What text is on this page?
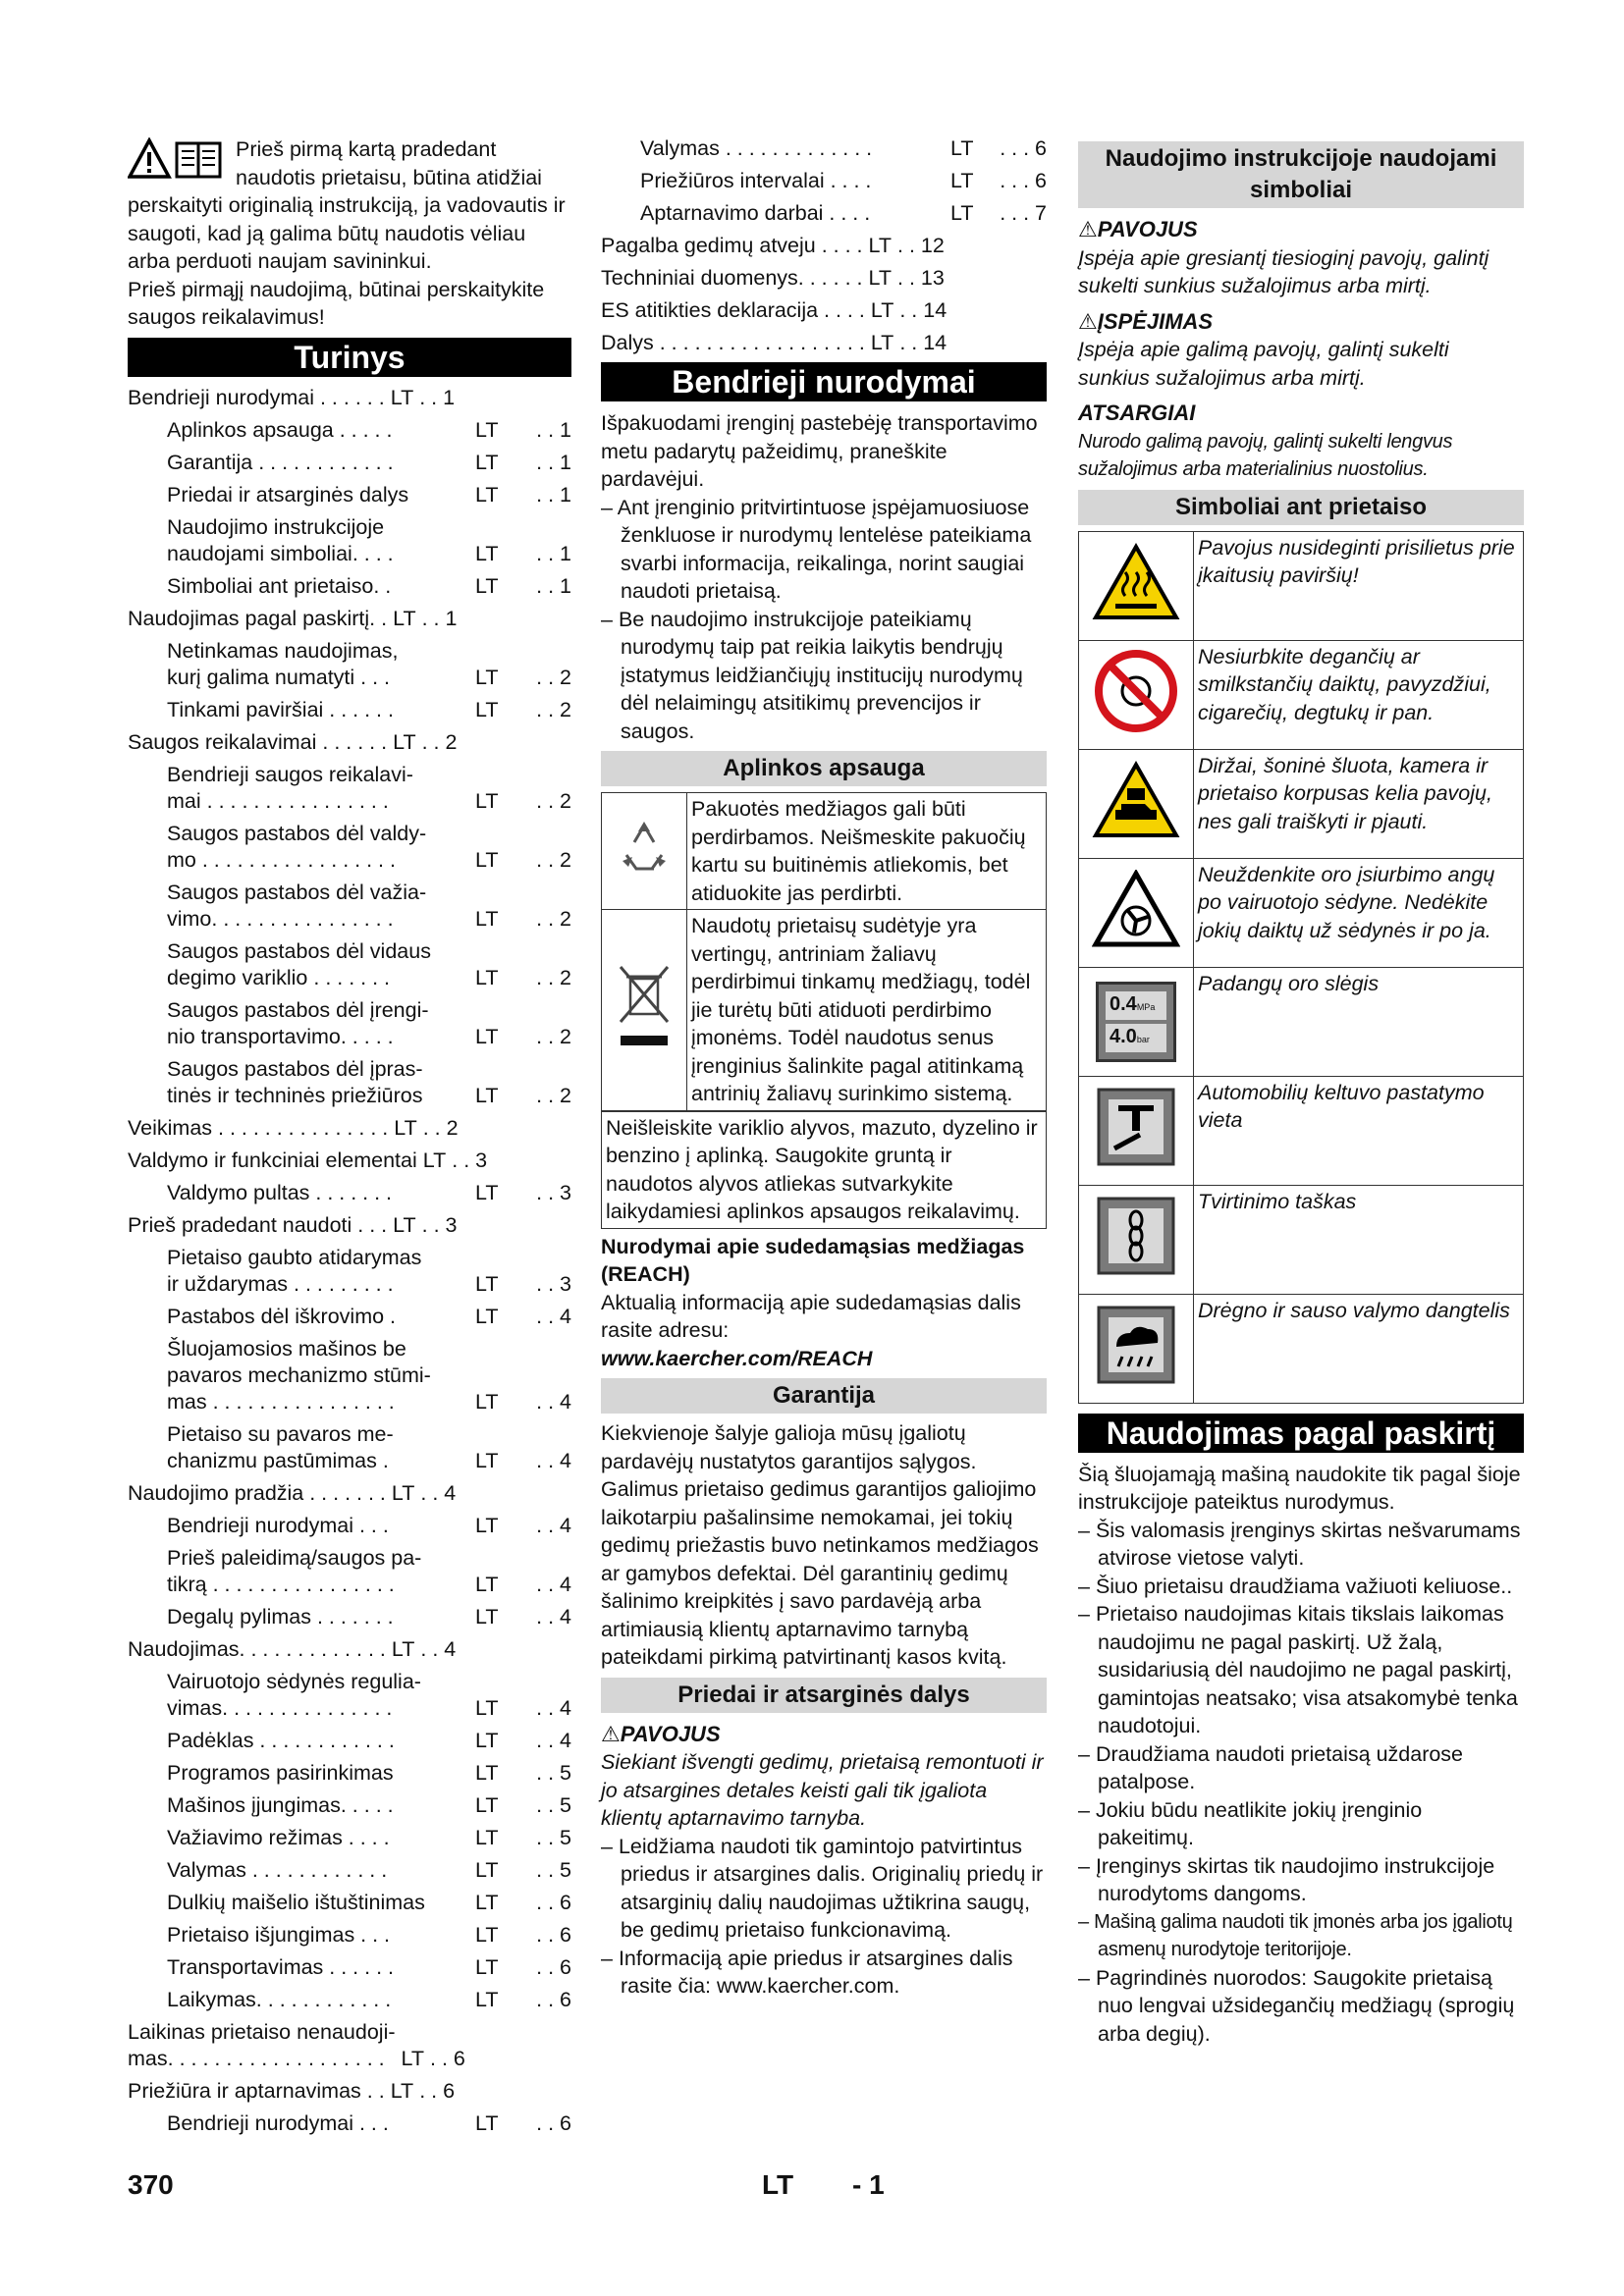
Prieš pirmą kartą pradedant naudotis prietaisu, būtina atidžiai perskaityti originalią instrukciją, ja vadovautis ir saugoti, kad ją galima būtų naudotis vėliau arba perduoti naujam savininkui.

Prieš pirmąjį naudojimą, būtinai perskaitykite saugos reikalavimus!

Turinys
Bendrieji nurodymai . . . . . . LT . . 1
Aplinkos apsauga . . . . .	LT	. . 1
Garantija . . . . . . . . . . . .	LT	. . 1
Priedai ir atsarginės dalys	LT	. . 1
Naudojimo instrukcijoje
naudojami simboliai. . . .	LT	. . 1
Simboliai ant prietaiso. .	LT	. . 1
Naudojimas pagal paskirtį. . LT . . 1
Netinkamas naudojimas,
kurį galima numatyti . . .	LT	. . 2
Tinkami paviršiai . . . . . .	LT	. . 2
Saugos reikalavimai . . . . . . LT . . 2
Bendrieji saugos reikalavi-
mai . . . . . . . . . . . . . . . .	LT	. . 2
Saugos pastabos dėl valdy-
mo . . . . . . . . . . . . . . . . .	LT	. . 2
Saugos pastabos dėl važia-
vimo. . . . . . . . . . . . . . . .	LT	. . 2
Saugos pastabos dėl vidaus
degimo variklio . . . . . . .	LT	. . 2
Saugos pastabos dėl įrengi-
nio transportavimo. . . . .	LT	. . 2
Saugos pastabos dėl įpras-
tinės ir techninės priežiūros	LT	. . 2
Veikimas . . . . . . . . . . . . . . . LT . . 2
Valdymo ir funkciniai elementai LT . . 3
Valdymo pultas . . . . . . .	LT	. . 3
Prieš pradedant naudoti . . . LT . . 3
Pietaiso gaubto atidarymas
ir uždarymas . . . . . . . . .	LT	. . 3
Pastabos dėl iškrovimo .	LT	. . 4
Šluojamosios mašinos be
pavaros mechanizmo stūmi-
mas . . . . . . . . . . . . . . . .	LT	. . 4
Pietaiso su pavaros me-
chanizmu pastūmimas .	LT	. . 4
Naudojimo pradžia . . . . . . . LT . . 4
Bendrieji nurodymai . . .	LT	. . 4
Prieš paleidimą/saugos pa-
tikrą . . . . . . . . . . . . . . . .	LT	. . 4
Degalų pylimas . . . . . . .	LT	. . 4
Naudojimas. . . . . . . . . . . . . LT . . 4
Vairuotojo sėdynės regulia-
vimas. . . . . . . . . . . . . . .	LT	. . 4
Padėklas . . . . . . . . . . . .	LT	. . 4
Programos pasirinkimas	LT	. . 5
Mašinos įjungimas. . . . .	LT	. . 5
Važiavimo režimas . . . .	LT	. . 5
Valymas . . . . . . . . . . . .	LT	. . 5
Dulkių maišelio ištuštinimas	LT	. . 6
Prietaiso išjungimas . . .	LT	. . 6
Transportavimas . . . . . .	LT	. . 6
Laikymas. . . . . . . . . . . .	LT	. . 6
Laikinas prietaiso nenaudoji-
mas. . . . . . . . . . . . . . . . . . . LT . . 6
Priežiūra ir aptarnavimas . . LT . . 6
Bendrieji nurodymai . . .	LT	. . 6
Valymas . . . . . . . . . . . . .	LT	. . . 6
Priežiūros intervalai . . . .	LT	. . . 6
Aptarnavimo darbai . . . .	LT	. . . 7
Pagalba gedimų atveju . . . . LT . . 12
Techniniai duomenys. . . . . . LT . . 13
ES atitikties deklaracija . . . . LT . . 14
Dalys . . . . . . . . . . . . . . . . . . LT . . 14
Bendrieji nurodymai

Išpakuodami įrenginį pastebėję transportavimo metu padarytų pažeidimų, praneškite pardavėjui.

– Ant įrenginio pritvirtintuose įspėjamuosiuose ženkluose ir nurodymų lentelėse pateikiama svarbi informacija, reikalinga, norint saugiai naudoti prietaisą.
– Be naudojimo instrukcijoje pateikiamų nurodymų taip pat reikia laikytis bendrųjų įstatymus leidžiančiųjų institucijų nurodymų dėl nelaimingų atsitikimų prevencijos ir saugos.
Aplinkos apsauga
	Pakuotės medžiagos gali būti perdirbamos. Neišmeskite pakuočių kartu su buitinėmis atliekomis, bet atiduokite jas perdirbti.
	Naudotų prietaisų sudėtyje yra vertingų, antriniam žaliavų perdirbimui tinkamų medžiagų, todėl jie turėtų būti atiduoti perdirbimo įmonėms. Todėl naudotus senus įrenginius šalinkite pagal atitinkamą antrinių žaliavų surinkimo sistemą.
Neišleiskite variklio alyvos, mazuto, dyzelino ir benzino į aplinką. Saugokite gruntą ir naudotos alyvos atliekas sutvarkykite laikydamiesi aplinkos apsaugos reikalavimų.

Nurodymai apie sudedamąsias medžiagas (REACH)

Aktualią informaciją apie sudedamąsias dalis rasite adresu:

www.kaercher.com/REACH

Garantija

Kiekvienoje šalyje galioja mūsų įgaliotų pardavėjų nustatytos garantijos sąlygos. Galimus prietaiso gedimus garantijos galiojimo laikotarpiu pašalinsime nemokamai, jei tokių gedimų priežastis buvo netinkamos medžiagos ar gamybos defektai. Dėl garantinių gedimų šalinimo kreipkitės į savo pardavėją arba artimiausią klientų aptarnavimo tarnybą pateikdami pirkimą patvirtinantį kasos kvitą.

Priedai ir atsarginės dalys

⚠PAVOJUS

Siekiant išvengti gedimų, prietaisą remontuoti ir jo atsargines detales keisti gali tik įgaliota klientų aptarnavimo tarnyba.

– Leidžiama naudoti tik gamintojo patvirtintus priedus ir atsargines dalis. Originalių priedų ir atsarginių dalių naudojimas užtikrina saugų, be gedimų prietaiso funkcionavimą.
– Informaciją apie priedus ir atsargines dalis rasite čia: www.kaercher.com.
Naudojimo instrukcijoje naudojami simboliai

⚠PAVOJUS

Įspėja apie gresiantį tiesioginį pavojų, galintį sukelti sunkius sužalojimus arba mirtį.

⚠ĮSPĖJIMAS

Įspėja apie galimą pavojų, galintį sukelti sunkius sužalojimus arba mirtį.

ATSARGIAI

Nurodo galimą pavojų, galintį sukelti lengvus sužalojimus arba materialinius nuostolius.

Simboliai ant prietaiso
	Pavojus nusideginti prisilietus prie įkaitusių paviršių!
	Nesiurbkite degančių ar smilkstančių daiktų, pavyzdžiui, cigarečių, degtukų ir pan.
	Diržai, šoninė šluota, kamera ir prietaiso korpusas kelia pavojų, nes gali traiškyti ir pjauti.
	Neuždenkite oro įsiurbimo angų po vairuotojo sėdyne. Nedėkite jokių daiktų už sėdynės ir po ja.

0.4MPa
4.0bar	Padangų oro slėgis
	Automobilių keltuvo pastatymo vieta
	Tvirtinimo taškas
	Drėgno ir sauso valymo dangtelis
Naudojimas pagal paskirtį

Šią šluojamąją mašiną naudokite tik pagal šioje instrukcijoje pateiktus nurodymus.

– Šis valomasis įrenginys skirtas nešvarumams atvirose vietose valyti.
– Šiuo prietaisu draudžiama važiuoti keliuose..
– Prietaiso naudojimas kitais tikslais laikomas naudojimu ne pagal paskirtį. Už žalą, susidariusią dėl naudojimo ne pagal paskirtį, gamintojas neatsako; visa atsakomybė tenka naudotojui.
– Draudžiama naudoti prietaisą uždarose patalpose.
– Jokiu būdu neatlikite jokių įrenginio pakeitimų.
– Įrenginys skirtas tik naudojimo instrukcijoje nurodytoms dangoms.
– Mašiną galima naudoti tik įmonės arba jos įgaliotų asmenų nurodytoje teritorijoje.
– Pagrindinės nuorodos: Saugokite prietaisą nuo lengvai užsidegančių medžiagų (sprogių arba degių).
370	LT - 1
